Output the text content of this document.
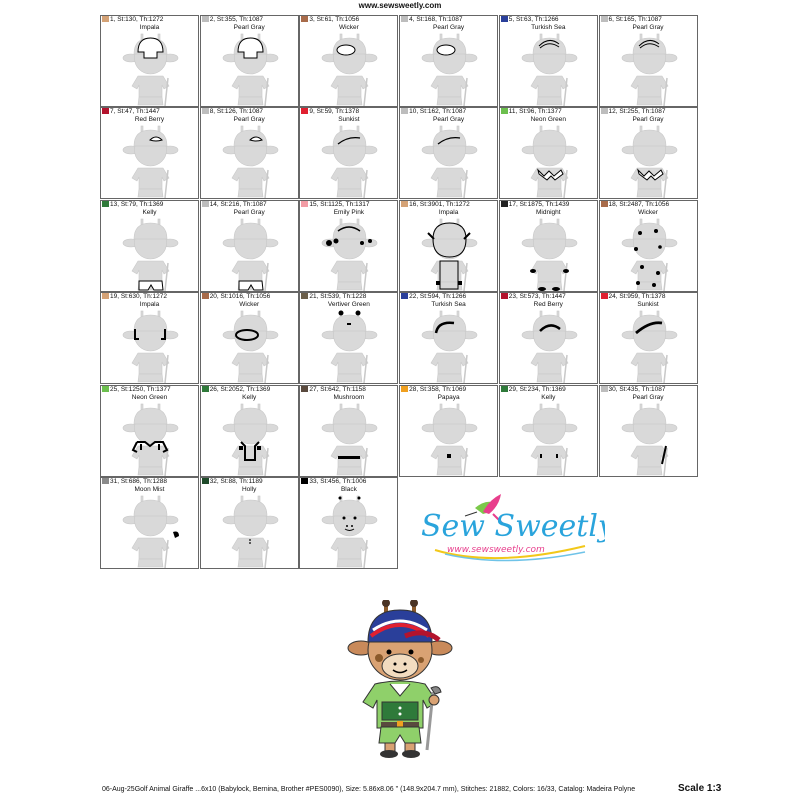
www.sewsweetly.com
1, St:130, Th:1272
Impala
2, St:355, Th:1087
Pearl Gray
3, St:61, Th:1056
Wicker
4, St:168, Th:1087
Pearl Gray
5, St:63, Th:1266
Turkish Sea
6, St:165, Th:1087
Pearl Gray
7, St:47, Th:1447
Red Berry
8, St:126, Th:1087
Pearl Gray
9, St:59, Th:1378
Sunkist
10, St:162, Th:1087
Pearl Gray
11, St:96, Th:1377
Neon Green
12, St:255, Th:1087
Pearl Gray
13, St:79, Th:1369
Kelly
14, St:216, Th:1087
Pearl Gray
15, St:1125, Th:1317
Emily Pink
16, St:3901, Th:1272
Impala
17, St:1875, Th:1439
Midnight
18, St:2487, Th:1056
Wicker
19, St:630, Th:1272
Impala
20, St:1016, Th:1056
Wicker
21, St:539, Th:1228
Vertiver Green
22, St:594, Th:1266
Turkish Sea
23, St:573, Th:1447
Red Berry
24, St:959, Th:1378
Sunkist
25, St:1250, Th:1377
Neon Green
26, St:2052, Th:1369
Kelly
27, St:642, Th:1158
Mushroom
28, St:358, Th:1069
Papaya
29, St:234, Th:1369
Kelly
30, St:435, Th:1087
Pearl Gray
31, St:686, Th:1288
Moon Mist
32, St:88, Th:1189
Holly
33, St:456, Th:1006
Black
Sew Sweetly
www.sewsweetly.com
06-Aug-25Golf Animal Giraffe ...6x10 (Babylock, Bernina, Brother #PES0090), Size: 5.86x8.06 " (148.9x204.7 mm), Stitches: 21882, Colors: 16/33, Catalog: Madeira Polyne	Scale 1:3
